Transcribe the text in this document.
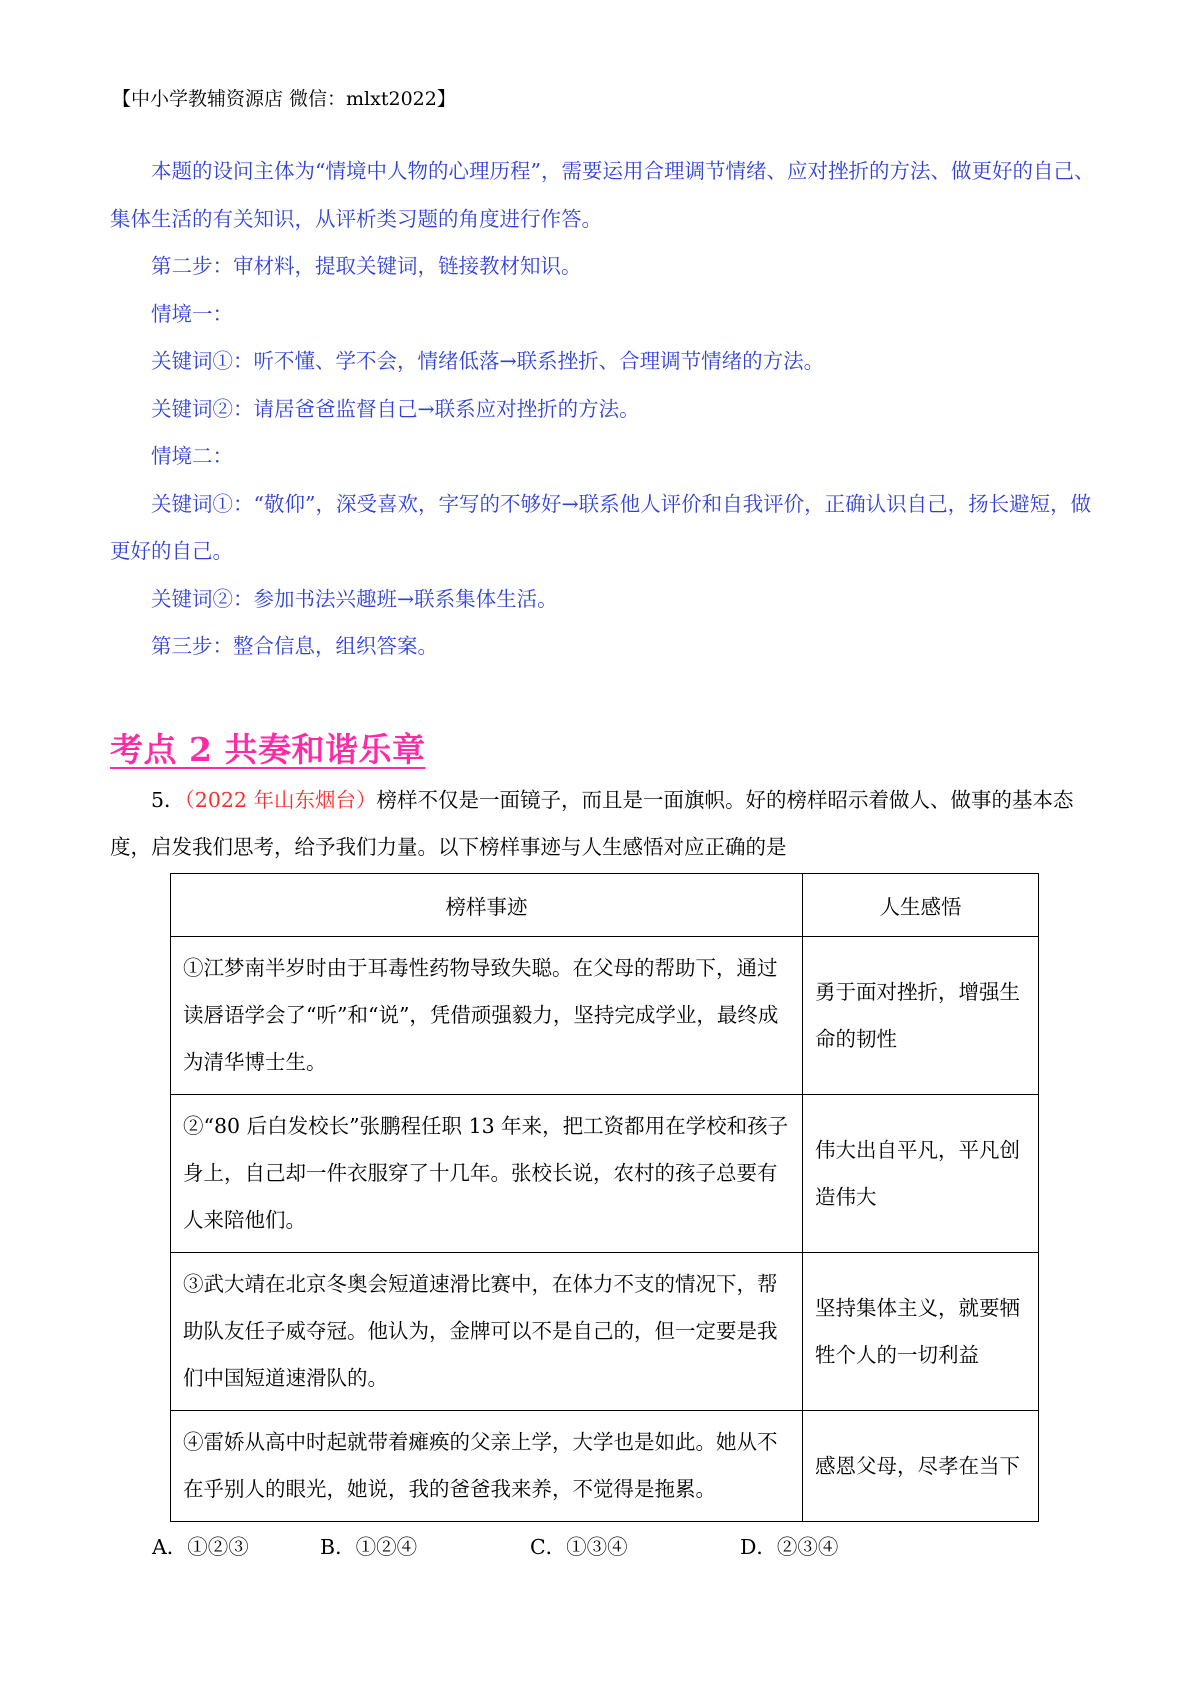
【中小学教辅资源店 微信：mlxt2022】

本题的设问主体为“情境中人物的心理历程”，需要运用合理调节情绪、应对挫折的方法、做更好的自己、集体生活的有关知识，从评析类习题的角度进行作答。

第二步：审材料，提取关键词，链接教材知识。

情境一：

关键词①：听不懂、学不会，情绪低落→联系挫折、合理调节情绪的方法。

关键词②：请居爸爸监督自己→联系应对挫折的方法。

情境二：

关键词①：“敬仰”，深受喜欢，字写的不够好→联系他人评价和自我评价，正确认识自己，扬长避短，做更好的自己。

关键词②：参加书法兴趣班→联系集体生活。

第三步：整合信息，组织答案。

考点 2 共奏和谐乐章

5．（2022 年山东烟台）榜样不仅是一面镜子，而且是一面旗帜。好的榜样昭示着做人、做事的基本态度，启发我们思考，给予我们力量。以下榜样事迹与人生感悟对应正确的是

榜样事迹	人生感悟
①江梦南半岁时由于耳毒性药物导致失聪。在父母的帮助下，通过读唇语学会了“听”和“说”，凭借顽强毅力，坚持完成学业，最终成为清华博士生。	勇于面对挫折，增强生命的韧性
②“80 后白发校长”张鹏程任职 13 年来，把工资都用在学校和孩子身上，自己却一件衣服穿了十几年。张校长说，农村的孩子总要有人来陪他们。	伟大出自平凡，平凡创造伟大
③武大靖在北京冬奥会短道速滑比赛中，在体力不支的情况下，帮助队友任子威夺冠。他认为，金牌可以不是自己的，但一定要是我们中国短道速滑队的。	坚持集体主义，就要牺牲个人的一切利益
④雷娇从高中时起就带着瘫痪的父亲上学，大学也是如此。她从不在乎别人的眼光，她说，我的爸爸我来养，不觉得是拖累。	感恩父母，尽孝在当下
A．①②③	B．①②④	C．①③④	D．②③④
